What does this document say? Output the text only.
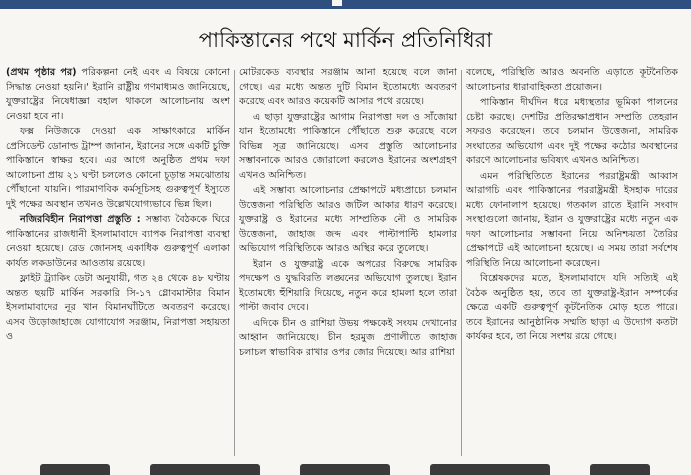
পাকিস্তানের পথে মার্কিন প্রতিনিধিরা

(প্রথম পৃষ্ঠার পর) পরিকল্পনা নেই এবং এ বিষয়ে কোনো সিদ্ধান্ত নেওয়া হয়নি।' ইরানি রাষ্ট্রীয় গণমাধ্যমও জানিয়েছে, যুক্তরাষ্ট্রের নিষেধাজ্ঞা বহাল থাকলে আলোচনায় অংশ নেওয়া হবে না।

ফক্স নিউজকে দেওয়া এক সাক্ষাৎকারে মার্কিন প্রেসিডেন্ট ডোনাল্ড ট্রাম্প জানান, ইরানের সঙ্গে একটি চুক্তি পাকিস্তানে স্বাক্ষর হবে। এর আগে অনুষ্ঠিত প্রথম দফা আলোচনা প্রায় ২১ ঘণ্টা চললেও কোনো চূড়ান্ত সমঝোতায় পৌঁছানো যায়নি। পারমাণবিক কর্মসূচিসহ গুরুত্বপূর্ণ ইস্যুতে দুই পক্ষের অবস্থান তখনও উল্লেখযোগ্যভাবে ভিন্ন ছিল।

নজিরবিহীন নিরাপত্তা প্রস্তুতি : সম্ভাব্য বৈঠককে ঘিরে পাকিস্তানের রাজধানী ইসলামাবাদে ব্যাপক নিরাপত্তা ব্যবস্থা নেওয়া হয়েছে। রেড জোনসহ একাধিক গুরুত্বপূর্ণ এলাকা কার্যত লকডাউনের আওতায় রয়েছে।

ফ্লাইট ট্র্যাকিং ডেটা অনুযায়ী, গত ২৪ থেকে ৪৮ ঘণ্টায় অন্তত ছয়টি মার্কিন সরকারি সি-১৭ গ্লোবমাস্টার বিমান ইসলামাবাদের নূর খান বিমানঘাঁটিতে অবতরণ করেছে। এসব উড়োজাহাজে যোগাযোগ সরঞ্জাম, নিরাপত্তা সহায়তা ও

মোটরকেড ব্যবস্থার সরঞ্জাম আনা হয়েছে বলে জানা গেছে। এর মধ্যে অন্তত দুটি বিমান ইতোমধ্যে অবতরণ করেছে এবং আরও কয়েকটি আসার পথে রয়েছে।

এ ছাড়া যুক্তরাষ্ট্রের আগাম নিরাপত্তা দল ও সাঁজোয়া যান ইতোমধ্যে পাকিস্তানে পৌঁছাতে শুরু করেছে বলে বিভিন্ন সূত্র জানিয়েছে। এসব প্রস্তুতি আলোচনার সম্ভাবনাকে আরও জোরালো করলেও ইরানের অংশগ্রহণ এখনও অনিশ্চিত।

এই সম্ভাব্য আলোচনার প্রেক্ষাপটে মধ্যপ্রাচ্যে চলমান উত্তেজনা পরিস্থিতি আরও জটিল আকার ধারণ করেছে। যুক্তরাষ্ট্র ও ইরানের মধ্যে সাম্প্রতিক নৌ ও সামরিক উত্তেজনা, জাহাজ জব্দ এবং পাল্টাপাল্টি হামলার অভিযোগ পরিস্থিতিকে আরও অস্থির করে তুলেছে।

ইরান ও যুক্তরাষ্ট্র একে অপরের বিরুদ্ধে সামরিক পদক্ষেপ ও যুদ্ধবিরতি লঙ্ঘনের অভিযোগ তুলছে। ইরান ইতোমধ্যে হুঁশিয়ারি দিয়েছে, নতুন করে হামলা হলে তারা পাল্টা জবাব দেবে।

এদিকে চীন ও রাশিয়া উভয় পক্ষকেই সংযম দেখানোর আহ্বান জানিয়েছে। চীন হরমুজ প্রণালীতে জাহাজ চলাচল স্বাভাবিক রাখার ওপর জোর দিয়েছে। আর রাশিয়া

বলেছে, পরিস্থিতি আরও অবনতি এড়াতে কূটনৈতিক আলোচনার ধারাবাহিকতা প্রয়োজন।

পাকিস্তান দীর্ঘদিন ধরে মধ্যস্থতার ভূমিকা পালনের চেষ্টা করছে। দেশটির প্রতিরক্ষাপ্রধান সম্প্রতি তেহরান সফরও করেছেন। তবে চলমান উত্তেজনা, সামরিক সংঘাতের অভিযোগ এবং দুই পক্ষের কঠোর অবস্থানের কারণে আলোচনার ভবিষ্যৎ এখনও অনিশ্চিত।

এমন পরিস্থিতিতে ইরানের পররাষ্ট্রমন্ত্রী আব্বাস আরাগচি এবং পাকিস্তানের পররাষ্ট্রমন্ত্রী ইসহাক দারের মধ্যে ফোনালাপ হয়েছে। গতকাল রাতে ইরানি সংবাদ সংস্থাগুলো জানায়, ইরান ও যুক্তরাষ্ট্রের মধ্যে নতুন এক দফা আলোচনার সম্ভাবনা নিয়ে অনিশ্চয়তা তৈরির প্রেক্ষাপটে এই আলোচনা হয়েছে। এ সময় তারা সর্বশেষ পরিস্থিতি নিয়ে আলোচনা করেছেন।

বিশ্লেষকদের মতে, ইসলামাবাদে যদি সত্যিই এই বৈঠক অনুষ্ঠিত হয়, তবে তা যুক্তরাষ্ট্র-ইরান সম্পর্কের ক্ষেত্রে একটি গুরুত্বপূর্ণ কূটনৈতিক মোড় হতে পারে। তবে ইরানের আনুষ্ঠানিক সম্মতি ছাড়া এ উদ্যোগ কতটা কার্যকর হবে, তা নিয়ে সংশয় রয়ে গেছে।
